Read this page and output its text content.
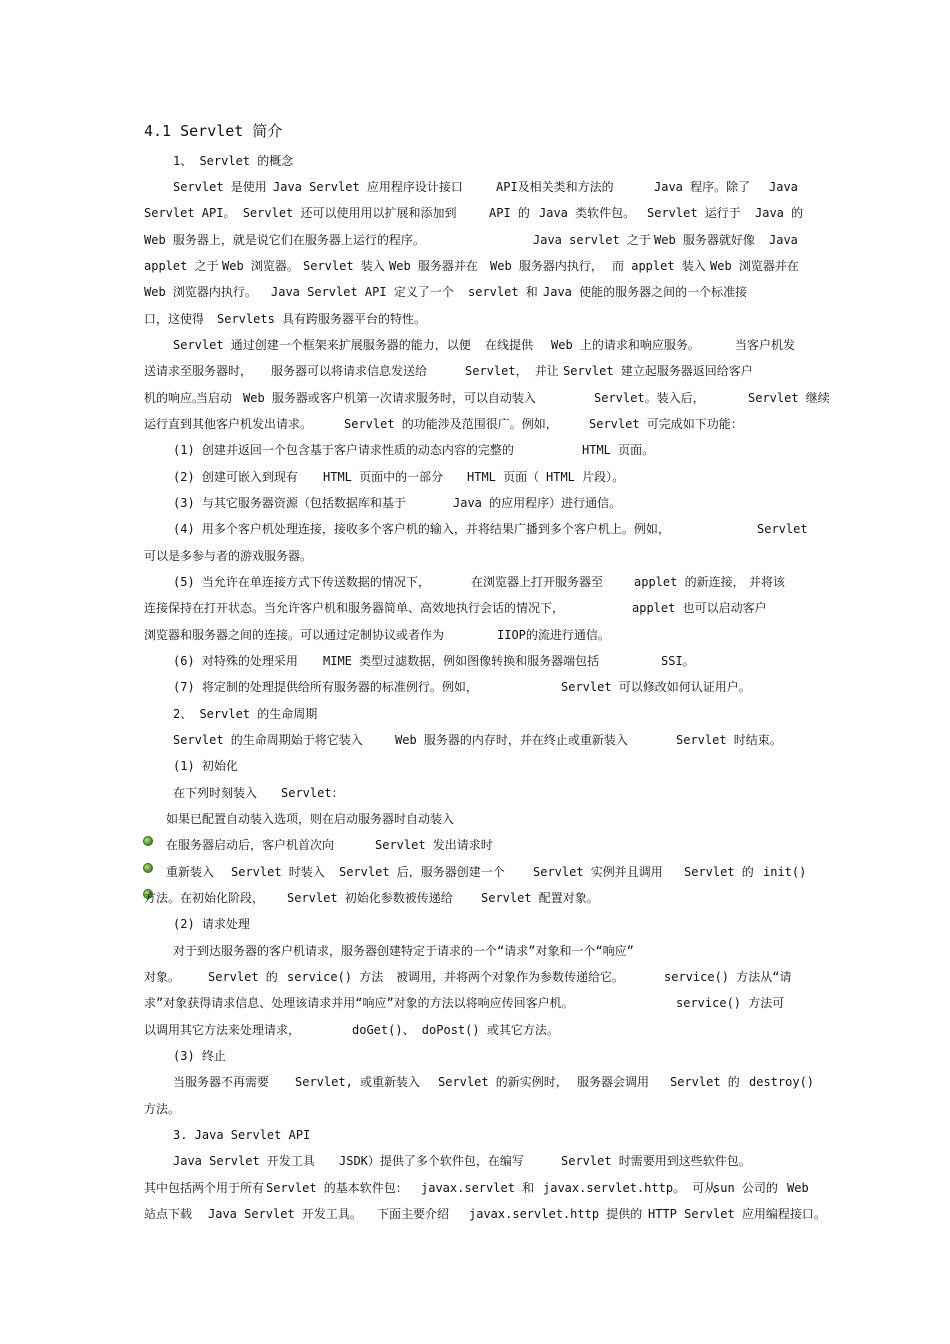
4.1 Servlet 简介
1、 Servlet 的概念
Servlet 是使用 Java Servlet 应用程序设计接口	API及相关类和方法的	Java 程序。除了 Java
Servlet API。 Servlet 还可以使用用以扩展和添加到	API 的 Java 类软件包。 Servlet 运行于 Java 的
Web 服务器上，就是说它们在服务器上运行的程序。	Java servlet 之于 Web 服务器就好像 Java
applet 之于 Web 浏览器。 Servlet 装入 Web 服务器并在 Web 服务器内执行， 而 applet 装入 Web 浏览器并在
Web 浏览器内执行。 Java Servlet API 定义了一个 servlet 和 Java 使能的服务器之间的一个标准接
口，这使得 Servlets 具有跨服务器平台的特性。
Servlet 通过创建一个框架来扩展服务器的能力，以便 在线提供 Web 上的请求和响应服务。	当客户机发
送请求至服务器时， 服务器可以将请求信息发送给	Servlet， 并让 Servlet 建立起服务器返回给客户
机的响应。
当启动 Web 服务器或客户机第一次请求服务时，可以自动装入	Servlet。装入后，	Servlet 继续
运行直到其他客户机发出请求。	Servlet 的功能涉及范围很广。例如，	Servlet 可完成如下功能：
(1) 创建并返回一个包含基于客户请求性质的动态内容的完整的	HTML 页面。
(2) 创建可嵌入到现有 HTML 页面中的一部分 HTML 页面（ HTML 片段）。
(3) 与其它服务器资源（包括数据库和基于	Java 的应用程序）进行通信。
(4) 用多个客户机处理连接，接收多个客户机的输入，并将结果广播到多个客户机上。例如，	Servlet
可以是多参与者的游戏服务器。
(5) 当允许在单连接方式下传送数据的情况下，	在浏览器上打开服务器至	applet 的新连接， 并将该
连接保持在打开状态。当允许客户机和服务器简单、高效地执行会话的情况下，	applet 也可以启动客户
浏览器和服务器之间的连接。可以通过定制协议或者作为	IIOP的流进行通信。
(6) 对特殊的处理采用 MIME 类型过滤数据，例如图像转换和服务器端包括	SSI。
(7) 将定制的处理提供给所有服务器的标准例行。例如，	Servlet 可以修改如何认证用户。
2、 Servlet 的生命周期
Servlet 的生命周期始于将它装入	Web 服务器的内存时，并在终止或重新装入	Servlet 时结束。
(1) 初始化
在下列时刻装入 Servlet：
如果已配置自动装入选项，则在启动服务器时自动装入
在服务器启动后，客户机首次向	Servlet 发出请求时
重新装入 Servlet 时装入 Servlet 后，服务器创建一个 Servlet 实例并且调用 Servlet 的 init()
方法。在初始化阶段， Servlet 初始化参数被传递给 Servlet 配置对象。
(2) 请求处理
对于到达服务器的客户机请求，服务器创建特定于请求的一个“请求”对象和一个“响应”
对象。 Servlet 的 service() 方法 被调用，并将两个对象作为参数传递给它。	service() 方法从“请
求”对象获得请求信息、处理该请求并用“响应”对象的方法以将响应传回客户机。	service() 方法可
以调用其它方法来处理请求，	doGet()、 doPost() 或其它方法。
(3) 终止
当服务器不再需要 Servlet, 或重新装入 Servlet 的新实例时， 服务器会调用 Servlet 的 destroy()
方法。
3. Java Servlet API
Java Servlet 开发工具 JSDK）提供了多个软件包，在编写	Servlet 时需要用到这些软件包。
其中包括两个用于所有 Servlet 的基本软件包： javax.servlet 和 javax.servlet.http。 可从
sun 公司的 Web
站点下载 Java Servlet 开发工具。 下面主要介绍 javax.servlet.http 提供的 HTTP Servlet 应用编程接口。
